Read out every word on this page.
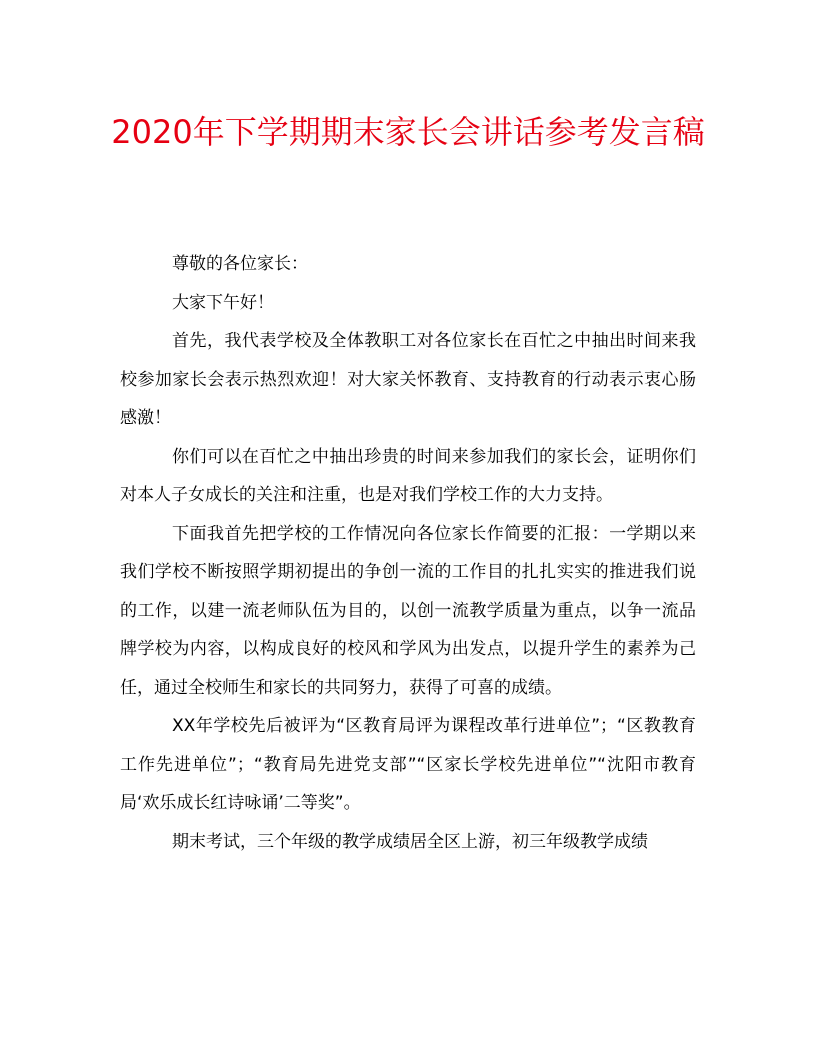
2020年下学期期末家长会讲话参考发言稿

尊敬的各位家长：

大家下午好！

首先，我代表学校及全体教职工对各位家长在百忙之中抽出时间来我校参加家长会表示热烈欢迎！对大家关怀教育、支持教育的行动表示衷心肠感激！

你们可以在百忙之中抽出珍贵的时间来参加我们的家长会，证明你们对本人子女成长的关注和注重，也是对我们学校工作的大力支持。

下面我首先把学校的工作情况向各位家长作简要的汇报：一学期以来我们学校不断按照学期初提出的争创一流的工作目的扎扎实实的推进我们说的工作，以建一流老师队伍为目的，以创一流教学质量为重点，以争一流品牌学校为内容，以构成良好的校风和学风为出发点，以提升学生的素养为己任，通过全校师生和家长的共同努力，获得了可喜的成绩。

XX年学校先后被评为“区教育局评为课程改革行进单位”；“区教教育工作先进单位”；“教育局先进党支部”“区家长学校先进单位”“沈阳市教育局‘欢乐成长红诗咏诵’二等奖”。

期末考试，三个年级的教学成绩居全区上游，初三年级教学成绩
